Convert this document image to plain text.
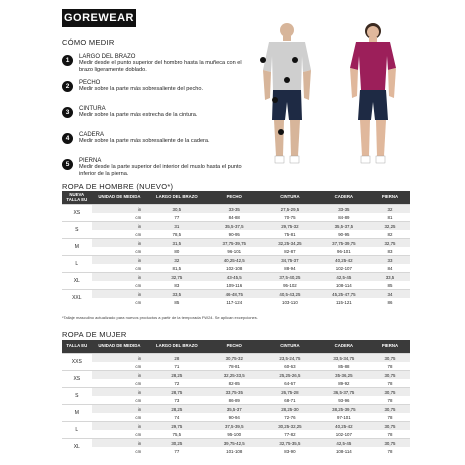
GOREWEAR
CÓMO MEDIR
1	LARGO DEL BRAZO
Medir desde el punto superior del hombro hasta la muñeca con el brazo ligeramente doblado.
2	PECHO
Medir sobre la parte más sobresaliente del pecho.
3	CINTURA
Medir sobre la parte más estrecha de la cintura.
4	CADERA
Medir sobre la parte más sobresaliente de la cadera.
5	PIERNA
Medir desde la parte superior del interior del muslo hasta el punto inferior de la pierna.
ROPA DE HOMBRE (NUEVO*)
NUEVA TALLA EU	UNIDAD DE MEDIDA	LARGO DEL BRAZO	PECHO	CINTURA	CADERA	PIERNA
XS	in	30,5	33-35	27,5-29,5	33-35	32
	cm	77	84-88	70-75	84-89	81
S	in	31	35,5-37,5	29,75-32	35,5-37,5	32,25
	cm	78,5	90-95	75-81	90-95	82
M	in	31,5	37,75-39,75	32,25-34,25	37,75-39,75	32,75
	cm	80	96-101	82-87	96-101	83
L	in	32	40,25-42,5	34,75-37	40,25-42	33
	cm	81,5	102-108	88-94	102-107	84
XL	in	32,75	43-45,5	37,5-40,25	42,5-45	33,5
	cm	83	109-116	95-102	108-114	85
XXL	in	33,5	46-48,75	40,5-43,25	45,25-47,75	34
	cm	85	117-124	103-110	115-121	86
*Tallaje masculino actualizado para nuevos productos a partir de la temporada FW24. Se aplican excepciones.
ROPA DE MUJER
TALLA EU	UNIDAD DE MEDIDA	LARGO DEL BRAZO	PECHO	CINTURA	CADERA	PIERNA
XXS	in	28	30,75-32	23,5-24,75	33,5-34,75	30,75
	cm	71	78-81	60-63	85-88	78
XS	in	28,25	32,25-33,5	25,25-26,5	35-36,25	30,75
	cm	72	82-85	64-67	89-92	78
S	in	28,75	33,75-35	26,75-28	36,5-37,75	30,75
	cm	73	86-89	68-71	93-96	78
M	in	28,25	35,5-37	28,25-30	38,25-39,75	30,75
	cm	74	90-94	72-76	97-101	78
L	in	29,75	37,5-39,5	30,25-32,25	40,25-42	30,75
	cm	75,5	95-100	77-82	102-107	78
XL	in	30,25	39,75-42,5	32,75-35,5	42,5-45	30,75
	cm	77	101-108	83-90	108-114	78
